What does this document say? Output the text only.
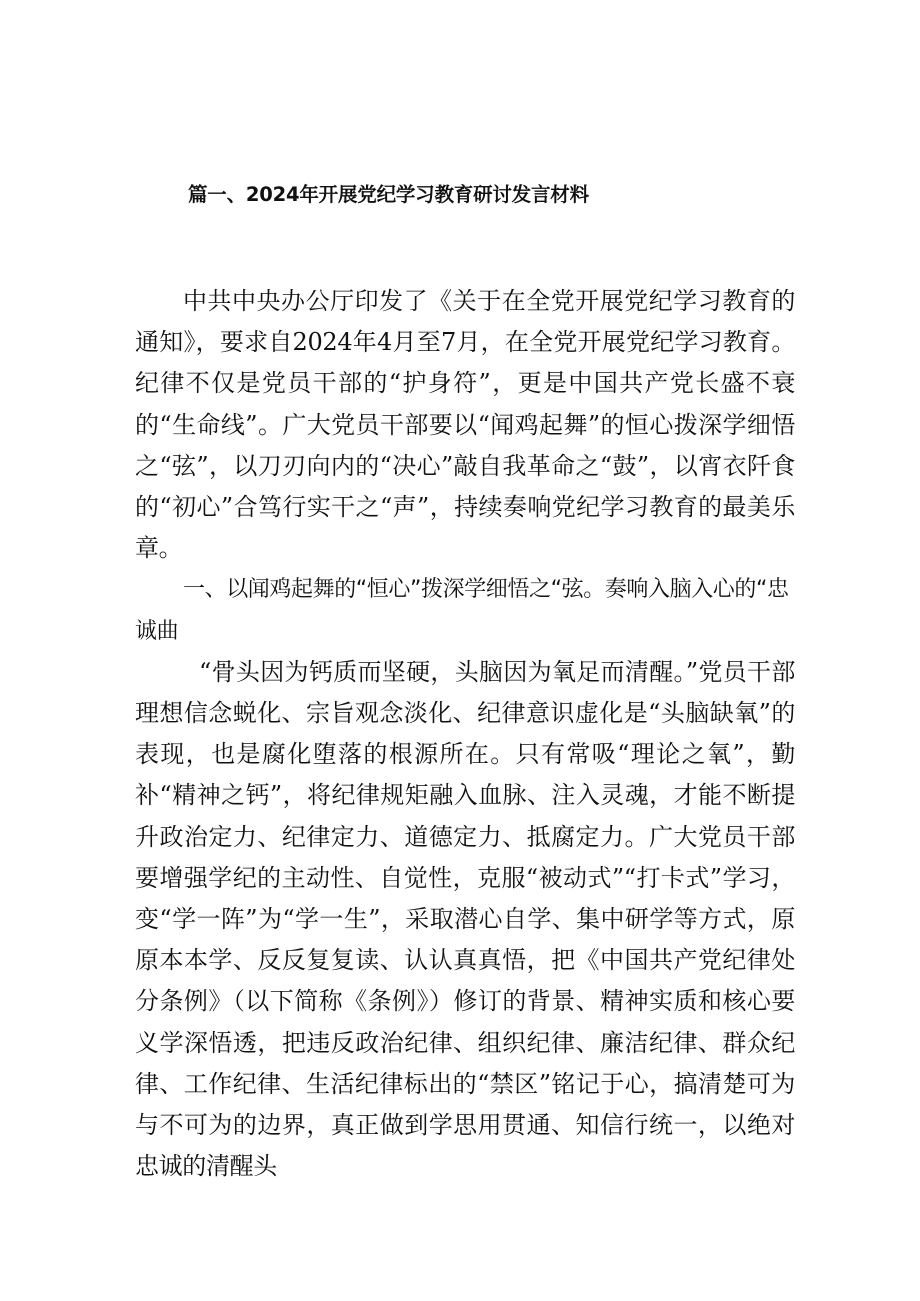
篇一、2024年开展党纪学习教育研讨发言材料

中共中央办公厅印发了《关于在全党开展党纪学习教育的通知》，要求自2024年4月至7月，在全党开展党纪学习教育。纪律不仅是党员干部的“护身符”，更是中国共产党长盛不衰的“生命线”。广大党员干部要以“闻鸡起舞”的恒心拨深学细悟之“弦”，以刀刃向内的“决心”敲自我革命之“鼓”，以宵衣阡食的“初心”合笃行实干之“声”，持续奏响党纪学习教育的最美乐章。

一、以闻鸡起舞的“恒心”拨深学细悟之“弦。奏响入脑入心的“忠诚曲

“骨头因为钙质而坚硬，头脑因为氧足而清醒。”党员干部理想信念蜕化、宗旨观念淡化、纪律意识虚化是“头脑缺氧”的表现，也是腐化堕落的根源所在。只有常吸“理论之氧”，勤补“精神之钙”，将纪律规矩融入血脉、注入灵魂，才能不断提升政治定力、纪律定力、道德定力、抵腐定力。广大党员干部要增强学纪的主动性、自觉性，克服“被动式”“打卡式”学习，变“学一阵”为“学一生”，采取潜心自学、集中研学等方式，原原本本学、反反复复读、认认真真悟，把《中国共产党纪律处分条例》（以下简称《条例》）修订的背景、精神实质和核心要义学深悟透，把违反政治纪律、组织纪律、廉洁纪律、群众纪律、工作纪律、生活纪律标出的“禁区”铭记于心，搞清楚可为与不可为的边界，真正做到学思用贯通、知信行统一，以绝对忠诚的清醒头
